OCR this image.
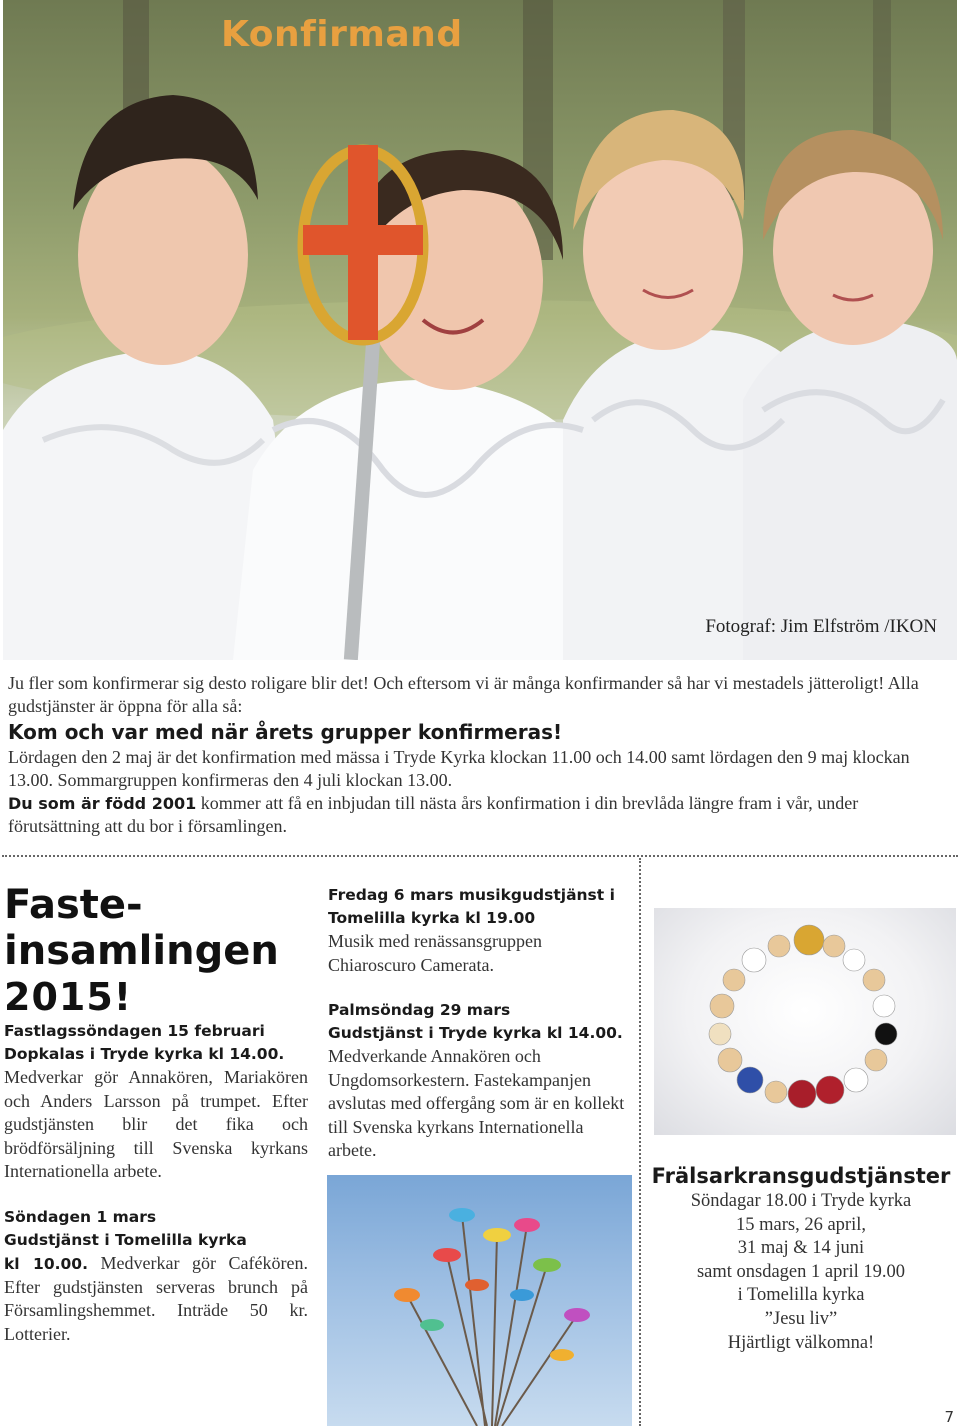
Konfirmand
Fotograf: Jim Elfström /IKON

Ju fler som konfirmerar sig desto roligare blir det! Och eftersom vi är många konfirmander så har vi mestadels jätteroligt! Alla gudstjänster är öppna för alla så:

Kom och var med när årets grupper konfirmeras!

Lördagen den 2 maj är det konfirmation med mässa i Tryde Kyrka klockan 11.00 och 14.00 samt lördagen den 9 maj klockan 13.00. Sommargruppen konfirmeras den 4 juli klockan 13.00.

Du som är född 2001 kommer att få en inbjudan till nästa års konfirmation i din brevlåda längre fram i vår, under förutsättning att du bor i församlingen.

Faste-
insamlingen
2015!
Fastlagssöndagen 15 februari
Dopkalas i Tryde kyrka kl 14.00.
Medverkar gör Annakören, Mariakören och Anders Larsson på trumpet. Efter gudstjänsten blir det fika och brödförsäljning till Svenska kyrkans Internationella arbete.
Söndagen 1 mars
Gudstjänst i Tomelilla kyrka
kl 10.00. Medverkar gör Cafékören. Efter gudstjänsten serveras brunch på Församlingshemmet. Inträde 50 kr. Lotterier.
Fredag 6 mars musikgudstjänst i
Tomelilla kyrka kl 19.00
Musik med renässansgruppen Chiaroscuro Camerata.
Palmsöndag 29 mars
Gudstjänst i Tryde kyrka kl 14.00.
Medverkande Annakören och Ungdomsorkestern. Fastekampanjen avslutas med offergång som är en kollekt till Svenska kyrkans Internationella arbete.
Frälsarkransgudstjänster
Söndagar 18.00 i Tryde kyrka
15 mars, 26 april,
31 maj & 14 juni
samt onsdagen 1 april 19.00
i Tomelilla kyrka
”Jesu liv”
Hjärtligt välkomna!
7
